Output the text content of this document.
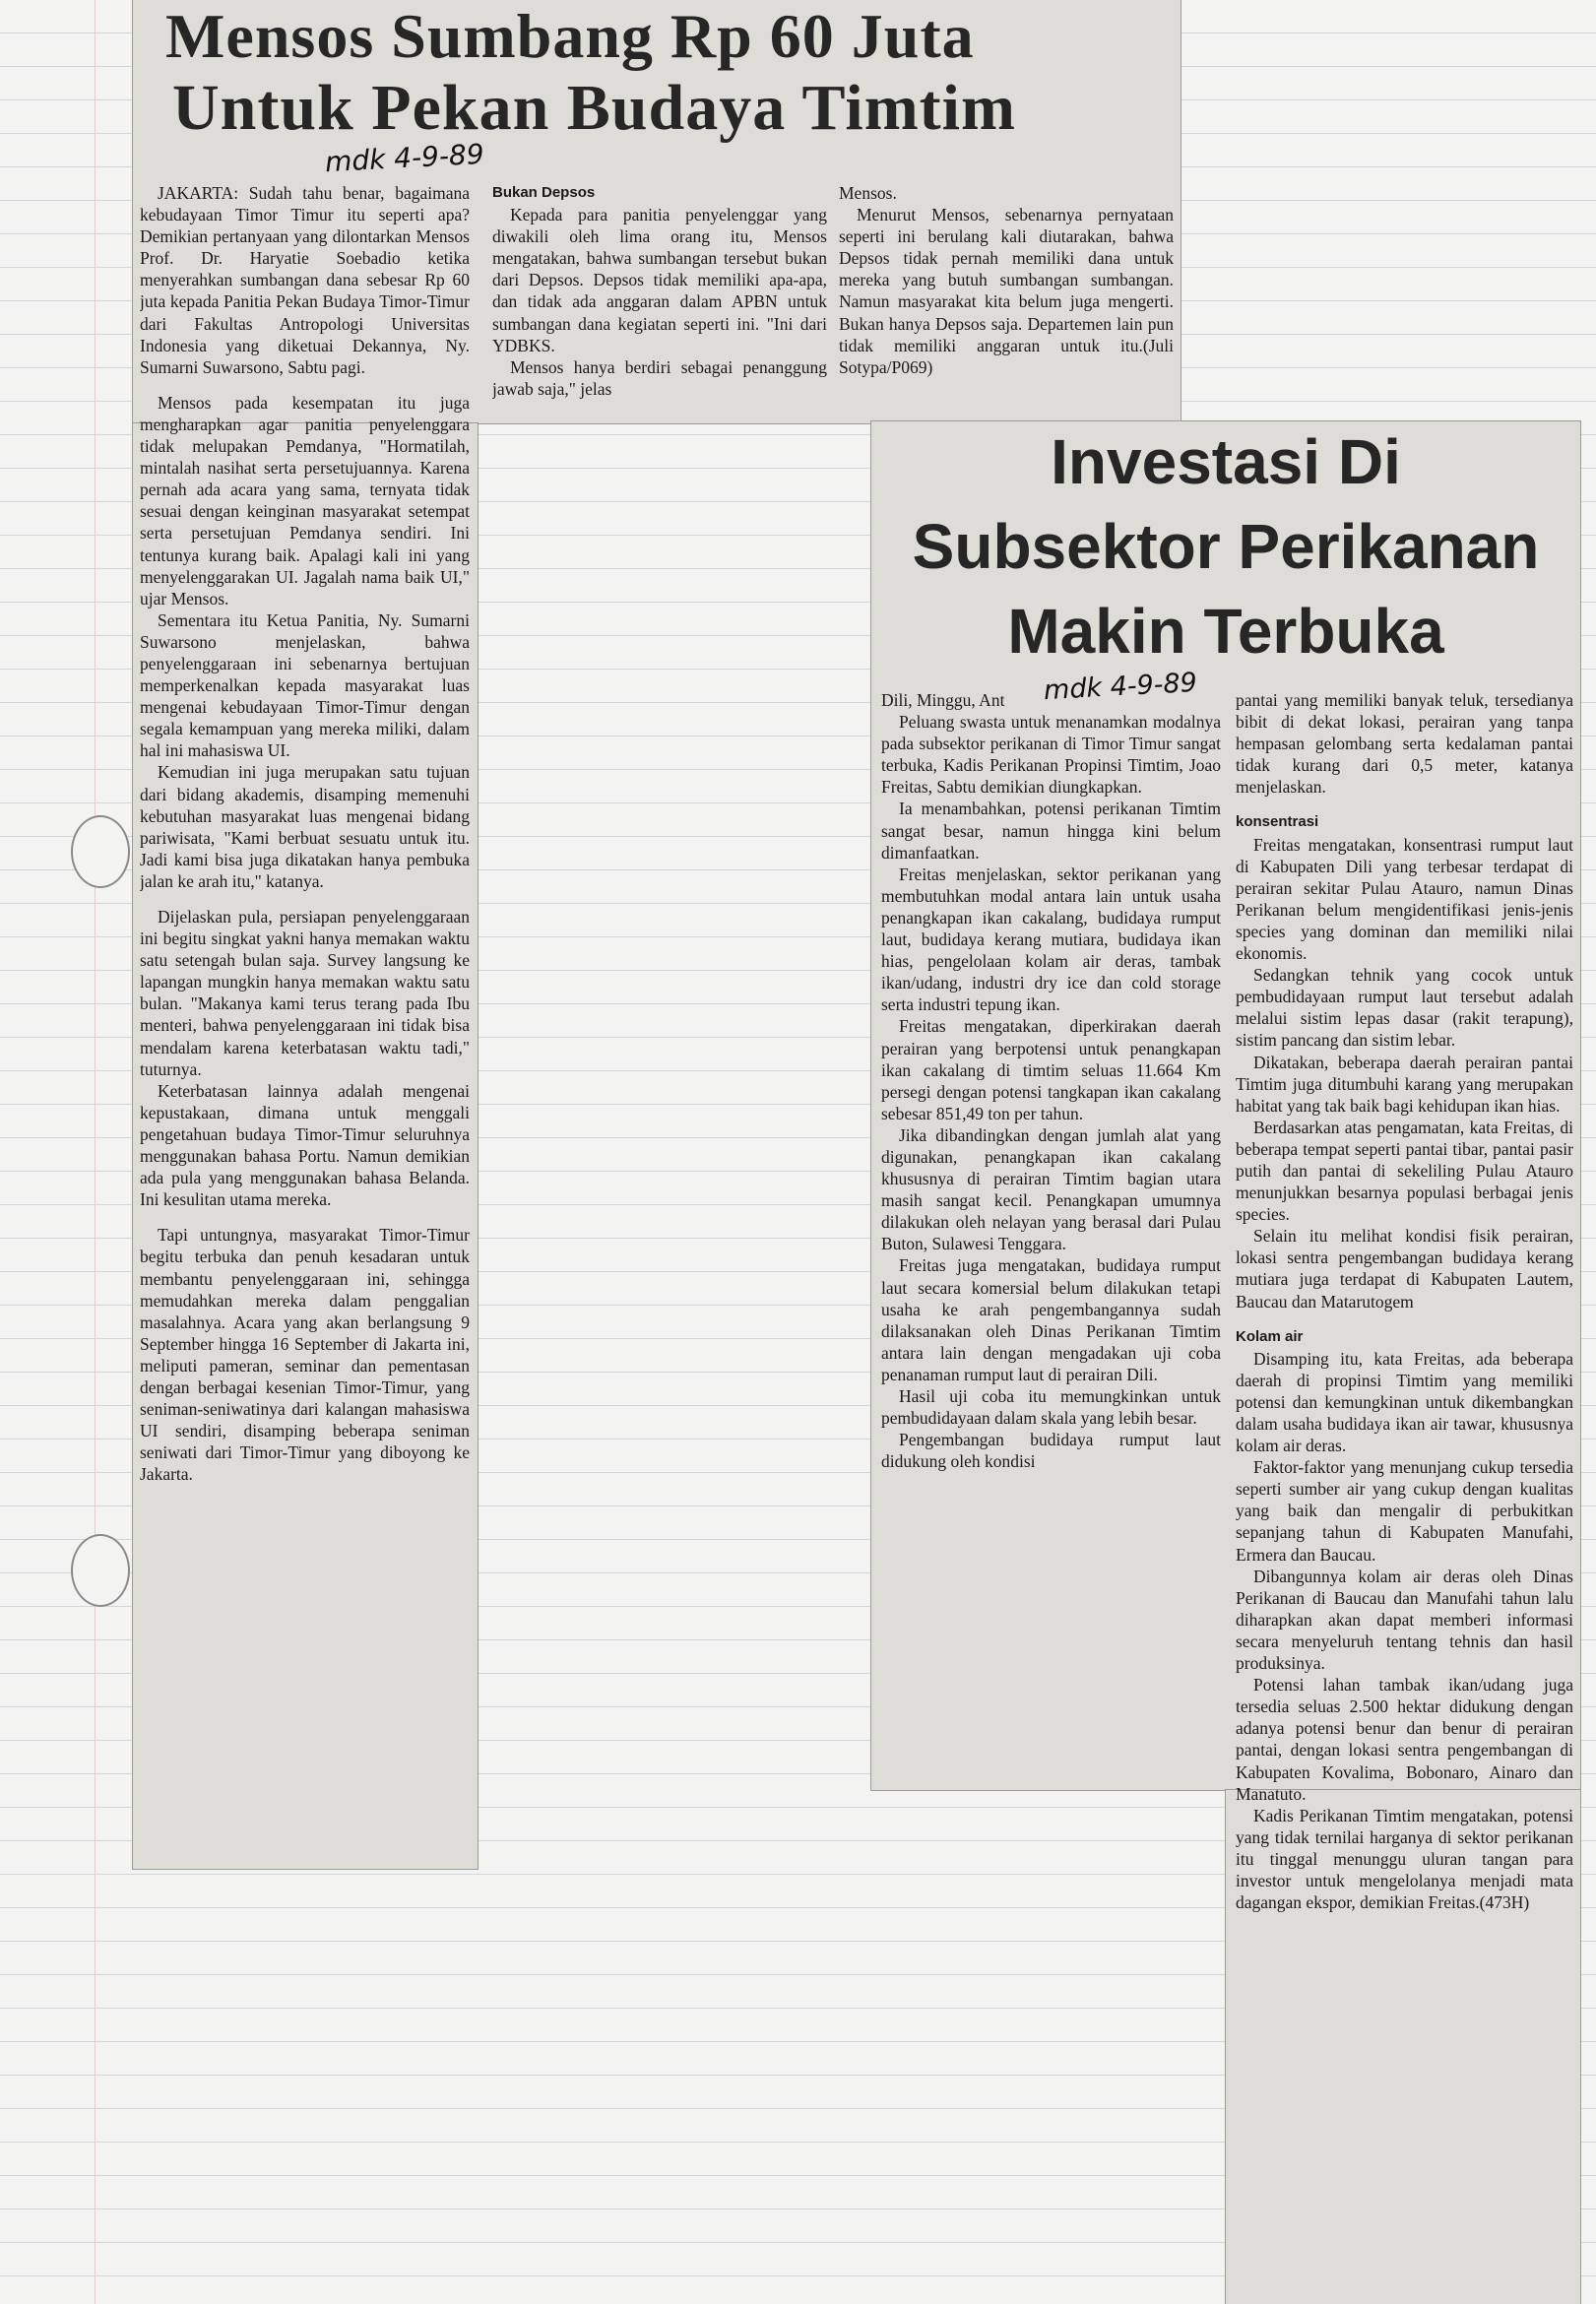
Mensos Sumbang Rp 60 Juta
Untuk Pekan Budaya Timtim
mdk 4-9-89

JAKARTA: Sudah tahu benar, bagaimana kebudayaan Timor Timur itu seperti apa? Demikian pertanyaan yang dilontarkan Mensos Prof. Dr. Haryatie Soebadio ketika menyerahkan sumbangan dana sebesar Rp 60 juta kepada Panitia Pekan Budaya Timor-Timur dari Fakultas Antropologi Universitas Indonesia yang diketuai Dekannya, Ny. Sumarni Suwarsono, Sabtu pagi.

Mensos pada kesempatan itu juga mengharapkan agar panitia penyelenggara tidak melupakan Pemdanya, "Hormatilah, mintalah nasihat serta persetujuannya. Karena pernah ada acara yang sama, ternyata tidak sesuai dengan keinginan masyarakat setempat serta persetujuan Pemdanya sendiri. Ini tentunya kurang baik. Apalagi kali ini yang menyelenggarakan UI. Jagalah nama baik UI," ujar Mensos.

Sementara itu Ketua Panitia, Ny. Sumarni Suwarsono menjelaskan, bahwa penyelenggaraan ini sebenarnya bertujuan memperkenalkan kepada masyarakat luas mengenai kebudayaan Timor-Timur dengan segala kemampuan yang mereka miliki, dalam hal ini mahasiswa UI.

Kemudian ini juga merupakan satu tujuan dari bidang akademis, disamping memenuhi kebutuhan masyarakat luas mengenai bidang pariwisata, "Kami berbuat sesuatu untuk itu. Jadi kami bisa juga dikatakan hanya pembuka jalan ke arah itu," katanya.

Dijelaskan pula, persiapan penyelenggaraan ini begitu singkat yakni hanya memakan waktu satu setengah bulan saja. Survey langsung ke lapangan mungkin hanya memakan waktu satu bulan. "Makanya kami terus terang pada Ibu menteri, bahwa penyelenggaraan ini tidak bisa mendalam karena keterbatasan waktu tadi," tuturnya.

Keterbatasan lainnya adalah mengenai kepustakaan, dimana untuk menggali pengetahuan budaya Timor-Timur seluruhnya menggunakan bahasa Portu. Namun demikian ada pula yang menggunakan bahasa Belanda. Ini kesulitan utama mereka.

Tapi untungnya, masyarakat Timor-Timur begitu terbuka dan penuh kesadaran untuk membantu penyelenggaraan ini, sehingga memudahkan mereka dalam penggalian masalahnya. Acara yang akan berlangsung 9 September hingga 16 September di Jakarta ini, meliputi pameran, seminar dan pementasan dengan berbagai kesenian Timor-Timur, yang seniman-seniwatinya dari kalangan mahasiswa UI sendiri, disamping beberapa seniman seniwati dari Timor-Timur yang diboyong ke Jakarta.

Bukan Depsos

Kepada para panitia penyelenggar yang diwakili oleh lima orang itu, Mensos mengatakan, bahwa sumbangan tersebut bukan dari Depsos. Depsos tidak memiliki apa-apa, dan tidak ada anggaran dalam APBN untuk sumbangan dana kegiatan seperti ini. "Ini dari YDBKS.

Mensos hanya berdiri sebagai penanggung jawab saja," jelas

Mensos.

Menurut Mensos, sebenarnya pernyataan seperti ini berulang kali diutarakan, bahwa Depsos tidak pernah memiliki dana untuk mereka yang butuh sumbangan sumbangan. Namun masyarakat kita belum juga mengerti. Bukan hanya Depsos saja. Departemen lain pun tidak memiliki anggaran untuk itu.(Juli Sotypa/P069)

Investasi Di
Subsektor Perikanan
Makin Terbuka
mdk 4-9-89

Dili, Minggu, Ant

Peluang swasta untuk menanamkan modalnya pada subsektor perikanan di Timor Timur sangat terbuka, Kadis Perikanan Propinsi Timtim, Joao Freitas, Sabtu demikian diungkapkan.

Ia menambahkan, potensi perikanan Timtim sangat besar, namun hingga kini belum dimanfaatkan.

Freitas menjelaskan, sektor perikanan yang membutuhkan modal antara lain untuk usaha penangkapan ikan cakalang, budidaya rumput laut, budidaya kerang mutiara, budidaya ikan hias, pengelolaan kolam air deras, tambak ikan/udang, industri dry ice dan cold storage serta industri tepung ikan.

Freitas mengatakan, diperkirakan daerah perairan yang berpotensi untuk penangkapan ikan cakalang di timtim seluas 11.664 Km persegi dengan potensi tangkapan ikan cakalang sebesar 851,49 ton per tahun.

Jika dibandingkan dengan jumlah alat yang digunakan, penangkapan ikan cakalang khususnya di perairan Timtim bagian utara masih sangat kecil. Penangkapan umumnya dilakukan oleh nelayan yang berasal dari Pulau Buton, Sulawesi Tenggara.

Freitas juga mengatakan, budidaya rumput laut secara komersial belum dilakukan tetapi usaha ke arah pengembangannya sudah dilaksanakan oleh Dinas Perikanan Timtim antara lain dengan mengadakan uji coba penanaman rumput laut di perairan Dili.

Hasil uji coba itu memungkinkan untuk pembudidayaan dalam skala yang lebih besar.

Pengembangan budidaya rumput laut didukung oleh kondisi

pantai yang memiliki banyak teluk, tersedianya bibit di dekat lokasi, perairan yang tanpa hempasan gelombang serta kedalaman pantai tidak kurang dari 0,5 meter, katanya menjelaskan.

konsentrasi

Freitas mengatakan, konsentrasi rumput laut di Kabupaten Dili yang terbesar terdapat di perairan sekitar Pulau Atauro, namun Dinas Perikanan belum mengidentifikasi jenis-jenis species yang dominan dan memiliki nilai ekonomis.

Sedangkan tehnik yang cocok untuk pembudidayaan rumput laut tersebut adalah melalui sistim lepas dasar (rakit terapung), sistim pancang dan sistim lebar.

Dikatakan, beberapa daerah perairan pantai Timtim juga ditumbuhi karang yang merupakan habitat yang tak baik bagi kehidupan ikan hias.

Berdasarkan atas pengamatan, kata Freitas, di beberapa tempat seperti pantai tibar, pantai pasir putih dan pantai di sekeliling Pulau Atauro menunjukkan besarnya populasi berbagai jenis species.

Selain itu melihat kondisi fisik perairan, lokasi sentra pengembangan budidaya kerang mutiara juga terdapat di Kabupaten Lautem, Baucau dan Matarutogem

Kolam air

Disamping itu, kata Freitas, ada beberapa daerah di propinsi Timtim yang memiliki potensi dan kemungkinan untuk dikembangkan dalam usaha budidaya ikan air tawar, khususnya kolam air deras.

Faktor-faktor yang menunjang cukup tersedia seperti sumber air yang cukup dengan kualitas yang baik dan mengalir di perbukitkan sepanjang tahun di Kabupaten Manufahi, Ermera dan Baucau.

Dibangunnya kolam air deras oleh Dinas Perikanan di Baucau dan Manufahi tahun lalu diharapkan akan dapat memberi informasi secara menyeluruh tentang tehnis dan hasil produksinya.

Potensi lahan tambak ikan/udang juga tersedia seluas 2.500 hektar didukung dengan adanya potensi benur dan benur di perairan pantai, dengan lokasi sentra pengembangan di Kabupaten Kovalima, Bobonaro, Ainaro dan Manatuto.

Kadis Perikanan Timtim mengatakan, potensi yang tidak ternilai harganya di sektor perikanan itu tinggal menunggu uluran tangan para investor untuk mengelolanya menjadi mata dagangan ekspor, demikian Freitas.(473H)
